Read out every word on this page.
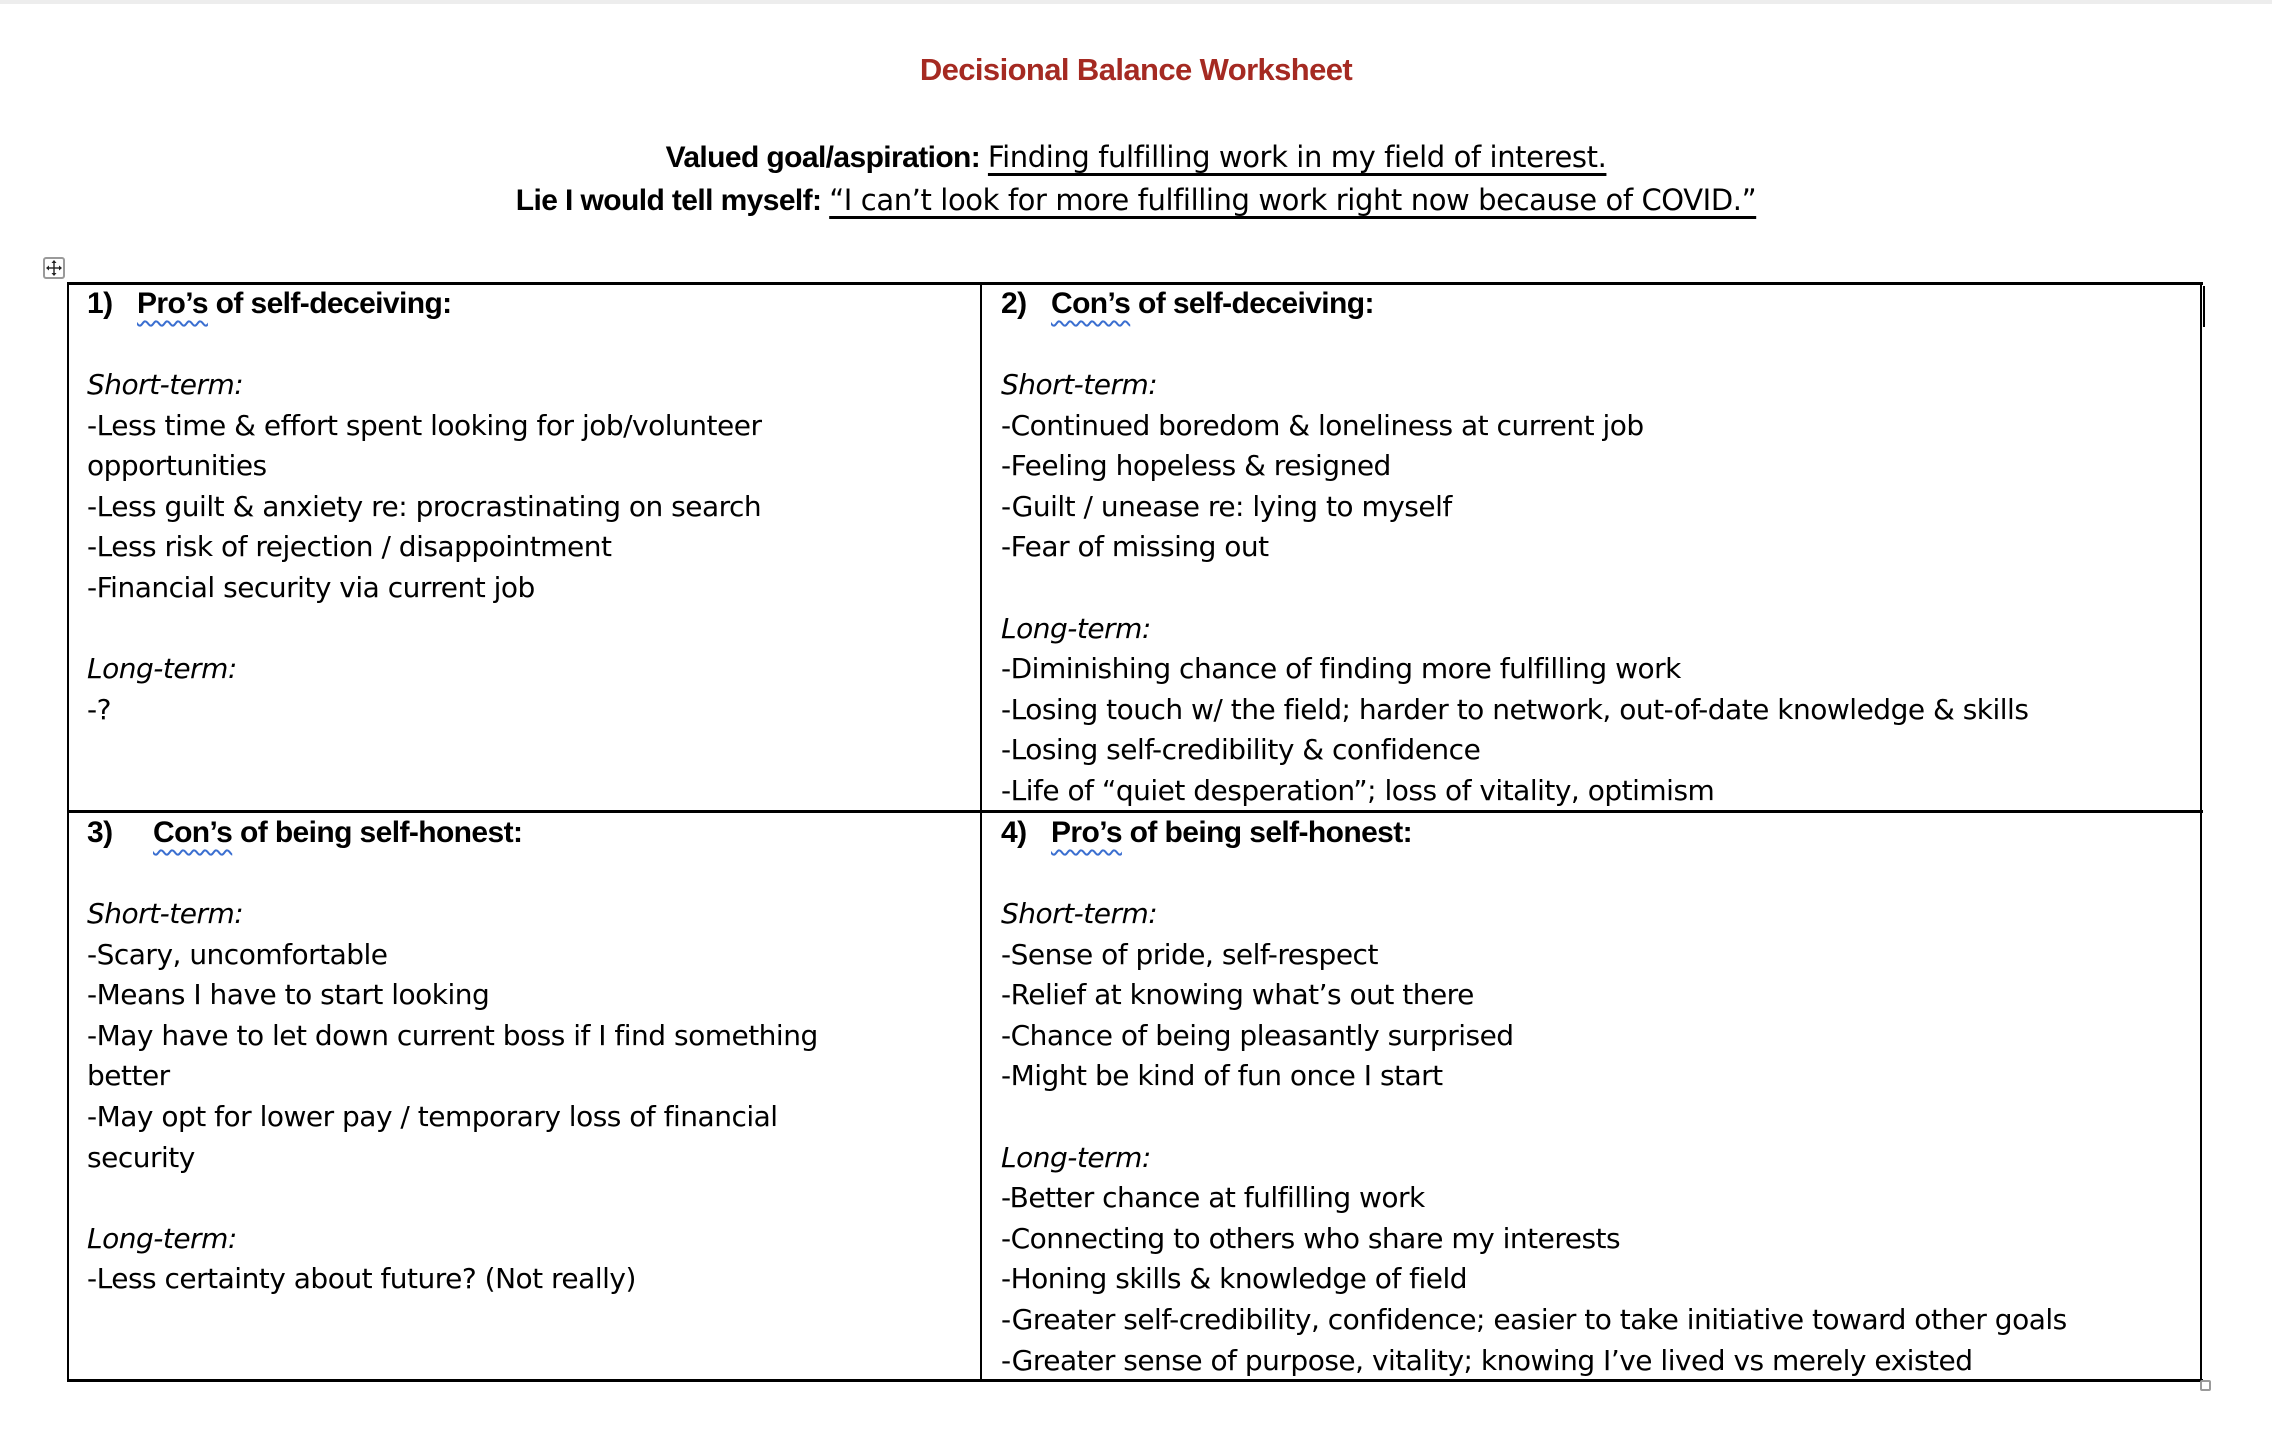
Decisional Balance Worksheet
Valued goal/aspiration: Finding fulfilling work in my field of interest.
Lie I would tell myself: “I can’t look for more fulfilling work right now because of COVID.”
1) Pro’s of self-deceiving:

Short-term:
-Less time & effort spent looking for job/volunteer
opportunities
-Less guilt & anxiety re: procrastinating on search
-Less risk of rejection / disappointment
-Financial security via current job

Long-term:
-?
2) Con’s of self-deceiving:

Short-term:
-Continued boredom & loneliness at current job
-Feeling hopeless & resigned
-Guilt / unease re: lying to myself
-Fear of missing out

Long-term:
-Diminishing chance of finding more fulfilling work
-Losing touch w/ the field; harder to network, out-of-date knowledge & skills
-Losing self-credibility & confidence
-Life of “quiet desperation”; loss of vitality, optimism
3) Con’s of being self-honest:

Short-term:
-Scary, uncomfortable
-Means I have to start looking
-May have to let down current boss if I find something
better
-May opt for lower pay / temporary loss of financial
security

Long-term:
-Less certainty about future? (Not really)
4) Pro’s of being self-honest:

Short-term:
-Sense of pride, self-respect
-Relief at knowing what’s out there
-Chance of being pleasantly surprised
-Might be kind of fun once I start

Long-term:
-Better chance at fulfilling work
-Connecting to others who share my interests
-Honing skills & knowledge of field
-Greater self-credibility, confidence; easier to take initiative toward other goals
-Greater sense of purpose, vitality; knowing I’ve lived vs merely existed
